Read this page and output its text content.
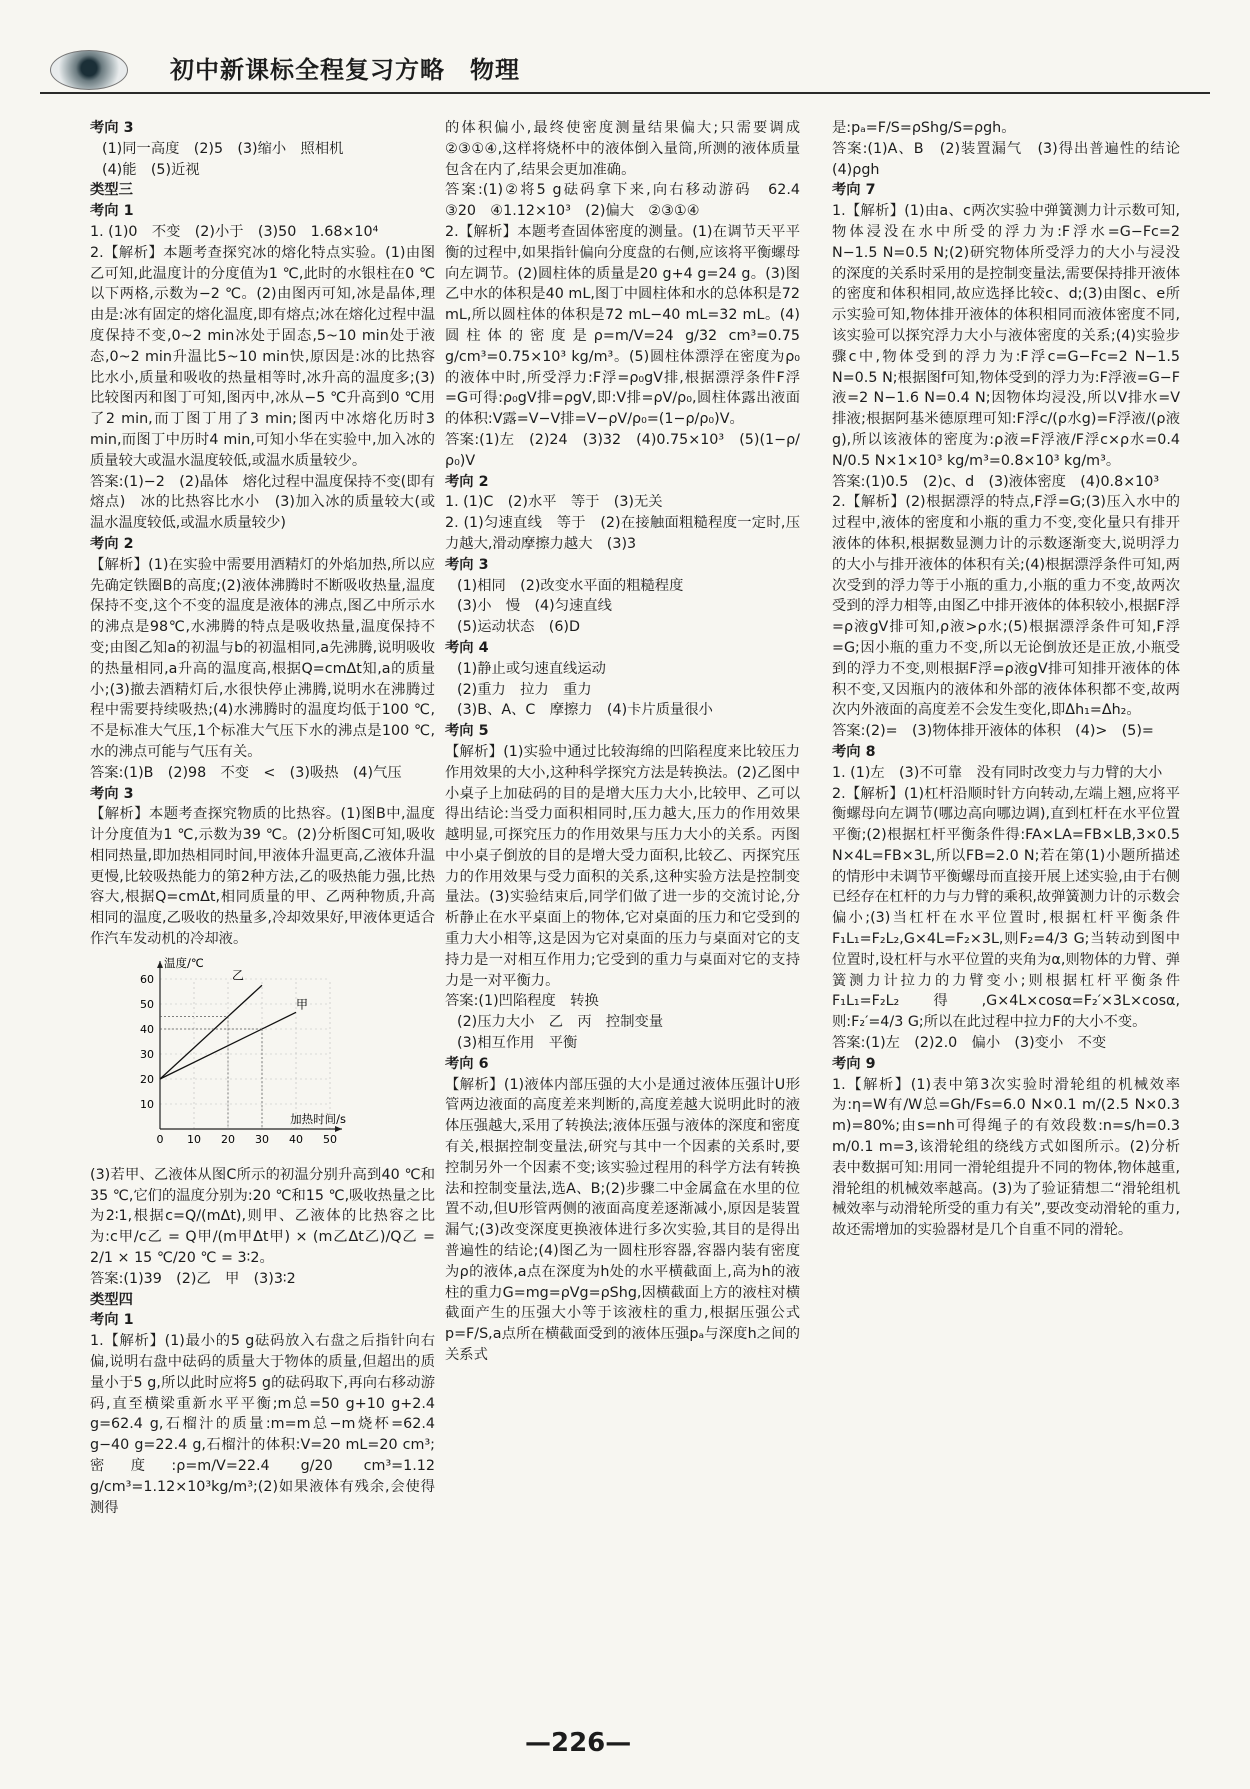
初中新课标全程复习方略　物理
考向 3
(1)同一高度　(2)5　(3)缩小　照相机
(4)能　(5)近视
类型三
考向 1
1. (1)0　不变　(2)小于　(3)50　1.68×10⁴
2.【解析】本题考查探究冰的熔化特点实验。(1)由图乙可知,此温度计的分度值为1 ℃,此时的水银柱在0 ℃以下两格,示数为−2 ℃。(2)由图丙可知,冰是晶体,理由是:冰有固定的熔化温度,即有熔点;冰在熔化过程中温度保持不变,0~2 min冰处于固态,5~10 min处于液态,0~2 min升温比5~10 min快,原因是:冰的比热容比水小,质量和吸收的热量相等时,冰升高的温度多;(3)比较图丙和图丁可知,图丙中,冰从−5 ℃升高到0 ℃用了2 min,而丁图丁用了3 min;图丙中冰熔化历时3 min,而图丁中历时4 min,可知小华在实验中,加入冰的质量较大或温水温度较低,或温水质量较少。
答案:(1)−2　(2)晶体　熔化过程中温度保持不变(即有熔点)　冰的比热容比水小　(3)加入冰的质量较大(或温水温度较低,或温水质量较少)
考向 2
【解析】(1)在实验中需要用酒精灯的外焰加热,所以应先确定铁圈B的高度;(2)液体沸腾时不断吸收热量,温度保持不变,这个不变的温度是液体的沸点,图乙中所示水的沸点是98℃,水沸腾的特点是吸收热量,温度保持不变;由图乙知a的初温与b的初温相同,a先沸腾,说明吸收的热量相同,a升高的温度高,根据Q=cmΔt知,a的质量小;(3)撤去酒精灯后,水很快停止沸腾,说明水在沸腾过程中需要持续吸热;(4)水沸腾时的温度均低于100 ℃,不是标准大气压,1个标准大气压下水的沸点是100 ℃,水的沸点可能与气压有关。
答案:(1)B　(2)98　不变　<　(3)吸热　(4)气压
考向 3
【解析】本题考查探究物质的比热容。(1)图B中,温度计分度值为1 ℃,示数为39 ℃。(2)分析图C可知,吸收相同热量,即加热相同时间,甲液体升温更高,乙液体升温更慢,比较吸热能力的第2种方法,乙的吸热能力强,比热容大,根据Q=cmΔt,相同质量的甲、乙两种物质,升高相同的温度,乙吸收的热量多,冷却效果好,甲液体更适合作汽车发动机的冷却液。
10
20
30
40
50
60
0 10 20 30 40 50
温度/℃
加热时间/s
乙
甲
(3)若甲、乙液体从图C所示的初温分别升高到40 ℃和35 ℃,它们的温度分别为:20 ℃和15 ℃,吸收热量之比为2∶1,根据c=Q/(mΔt),则甲、乙液体的比热容之比为:c甲/c乙 = Q甲/(m甲Δt甲) × (m乙Δt乙)/Q乙 = 2/1 × 15 ℃/20 ℃ = 3∶2。
答案:(1)39　(2)乙　甲　(3)3∶2
类型四
考向 1
1.【解析】(1)最小的5 g砝码放入右盘之后指针向右偏,说明右盘中砝码的质量大于物体的质量,但超出的质量小于5 g,所以此时应将5 g的砝码取下,再向右移动游码,直至横梁重新水平平衡;m总=50 g+10 g+2.4 g=62.4 g,石榴汁的质量:m=m总−m烧杯=62.4 g−40 g=22.4 g,石榴汁的体积:V=20 mL=20 cm³;密度:ρ=m/V=22.4 g/20 cm³=1.12 g/cm³=1.12×10³kg/m³;(2)如果液体有残余,会使得测得
的体积偏小,最终使密度测量结果偏大;只需要调成②③①④,这样将烧杯中的液体倒入量筒,所测的液体质量包含在内了,结果会更加准确。
答案:(1)②将5 g砝码拿下来,向右移动游码　62.4　③20　④1.12×10³　(2)偏大　②③①④
2.【解析】本题考查固体密度的测量。(1)在调节天平平衡的过程中,如果指针偏向分度盘的右侧,应该将平衡螺母向左调节。(2)圆柱体的质量是20 g+4 g=24 g。(3)图乙中水的体积是40 mL,图丁中圆柱体和水的总体积是72 mL,所以圆柱体的体积是72 mL−40 mL=32 mL。(4)圆柱体的密度是ρ=m/V=24 g/32 cm³=0.75 g/cm³=0.75×10³ kg/m³。(5)圆柱体漂浮在密度为ρ₀的液体中时,所受浮力:F浮=ρ₀gV排,根据漂浮条件F浮=G可得:ρ₀gV排=ρgV,即:V排=ρV/ρ₀,圆柱体露出液面的体积:V露=V−V排=V−ρV/ρ₀=(1−ρ/ρ₀)V。
答案:(1)左　(2)24　(3)32　(4)0.75×10³　(5)(1−ρ/ρ₀)V
考向 2
1. (1)C　(2)水平　等于　(3)无关
2. (1)匀速直线　等于　(2)在接触面粗糙程度一定时,压力越大,滑动摩擦力越大　(3)3
考向 3
(1)相同　(2)改变水平面的粗糙程度
(3)小　慢　(4)匀速直线
(5)运动状态　(6)D
考向 4
(1)静止或匀速直线运动
(2)重力　拉力　重力
(3)B、A、C　摩擦力　(4)卡片质量很小
考向 5
【解析】(1)实验中通过比较海绵的凹陷程度来比较压力作用效果的大小,这种科学探究方法是转换法。(2)乙图中小桌子上加砝码的目的是增大压力大小,比较甲、乙可以得出结论:当受力面积相同时,压力越大,压力的作用效果越明显,可探究压力的作用效果与压力大小的关系。丙图中小桌子倒放的目的是增大受力面积,比较乙、丙探究压力的作用效果与受力面积的关系,这种实验方法是控制变量法。(3)实验结束后,同学们做了进一步的交流讨论,分析静止在水平桌面上的物体,它对桌面的压力和它受到的重力大小相等,这是因为它对桌面的压力与桌面对它的支持力是一对相互作用力;它受到的重力与桌面对它的支持力是一对平衡力。
答案:(1)凹陷程度　转换
(2)压力大小　乙　丙　控制变量
(3)相互作用　平衡
考向 6
【解析】(1)液体内部压强的大小是通过液体压强计U形管两边液面的高度差来判断的,高度差越大说明此时的液体压强越大,采用了转换法;液体压强与液体的深度和密度有关,根据控制变量法,研究与其中一个因素的关系时,要控制另外一个因素不变;该实验过程用的科学方法有转换法和控制变量法,选A、B;(2)步骤二中金属盒在水里的位置不动,但U形管两侧的液面高度差逐渐减小,原因是装置漏气;(3)改变深度更换液体进行多次实验,其目的是得出普遍性的结论;(4)图乙为一圆柱形容器,容器内装有密度为ρ的液体,a点在深度为h处的水平横截面上,高为h的液柱的重力G=mg=ρVg=ρShg,因横截面上方的液柱对横截面产生的压强大小等于该液柱的重力,根据压强公式p=F/S,a点所在横截面受到的液体压强pₐ与深度h之间的关系式
是:pₐ=F/S=ρShg/S=ρgh。
答案:(1)A、B　(2)装置漏气　(3)得出普遍性的结论　(4)ρgh
考向 7
1.【解析】(1)由a、c两次实验中弹簧测力计示数可知,物体浸没在水中所受的浮力为:F浮水=G−Fc=2 N−1.5 N=0.5 N;(2)研究物体所受浮力的大小与浸没的深度的关系时采用的是控制变量法,需要保持排开液体的密度和体积相同,故应选择比较c、d;(3)由图c、e所示实验可知,物体排开液体的体积相同而液体密度不同,该实验可以探究浮力大小与液体密度的关系;(4)实验步骤c中,物体受到的浮力为:F浮c=G−Fc=2 N−1.5 N=0.5 N;根据图f可知,物体受到的浮力为:F浮液=G−F液=2 N−1.6 N=0.4 N;因物体均浸没,所以V排水=V排液;根据阿基米德原理可知:F浮c/(ρ水g)=F浮液/(ρ液g),所以该液体的密度为:ρ液=F浮液/F浮c×ρ水=0.4 N/0.5 N×1×10³ kg/m³=0.8×10³ kg/m³。
答案:(1)0.5　(2)c、d　(3)液体密度　(4)0.8×10³
2.【解析】(2)根据漂浮的特点,F浮=G;(3)压入水中的过程中,液体的密度和小瓶的重力不变,变化量只有排开液体的体积,根据数显测力计的示数逐渐变大,说明浮力的大小与排开液体的体积有关;(4)根据漂浮条件可知,两次受到的浮力等于小瓶的重力,小瓶的重力不变,故两次受到的浮力相等,由图乙中排开液体的体积较小,根据F浮=ρ液gV排可知,ρ液>ρ水;(5)根据漂浮条件可知,F浮=G;因小瓶的重力不变,所以无论倒放还是正放,小瓶受到的浮力不变,则根据F浮=ρ液gV排可知排开液体的体积不变,又因瓶内的液体和外部的液体体积都不变,故两次内外液面的高度差不会发生变化,即Δh₁=Δh₂。
答案:(2)=　(3)物体排开液体的体积　(4)>　(5)=
考向 8
1. (1)左　(3)不可靠　没有同时改变力与力臂的大小
2.【解析】(1)杠杆沿顺时针方向转动,左端上翘,应将平衡螺母向左调节(哪边高向哪边调),直到杠杆在水平位置平衡;(2)根据杠杆平衡条件得:FA×LA=FB×LB,3×0.5 N×4L=FB×3L,所以FB=2.0 N;若在第(1)小题所描述的情形中未调节平衡螺母而直接开展上述实验,由于右侧已经存在杠杆的力与力臂的乘积,故弹簧测力计的示数会偏小;(3)当杠杆在水平位置时,根据杠杆平衡条件F₁L₁=F₂L₂,G×4L=F₂×3L,则F₂=4/3 G;当转动到图中位置时,设杠杆与水平位置的夹角为α,则物体的力臂、弹簧测力计拉力的力臂变小;则根据杠杆平衡条件F₁L₁=F₂L₂得,G×4L×cosα=F₂′×3L×cosα,则:F₂′=4/3 G;所以在此过程中拉力F的大小不变。
答案:(1)左　(2)2.0　偏小　(3)变小　不变
考向 9
1.【解析】(1)表中第3次实验时滑轮组的机械效率为:η=W有/W总=Gh/Fs=6.0 N×0.1 m/(2.5 N×0.3 m)=80%;由s=nh可得绳子的有效段数:n=s/h=0.3 m/0.1 m=3,该滑轮组的绕线方式如图所示。(2)分析表中数据可知:用同一滑轮组提升不同的物体,物体越重,滑轮组的机械效率越高。(3)为了验证猜想二“滑轮组机械效率与动滑轮所受的重力有关”,要改变动滑轮的重力,故还需增加的实验器材是几个自重不同的滑轮。
—226—
